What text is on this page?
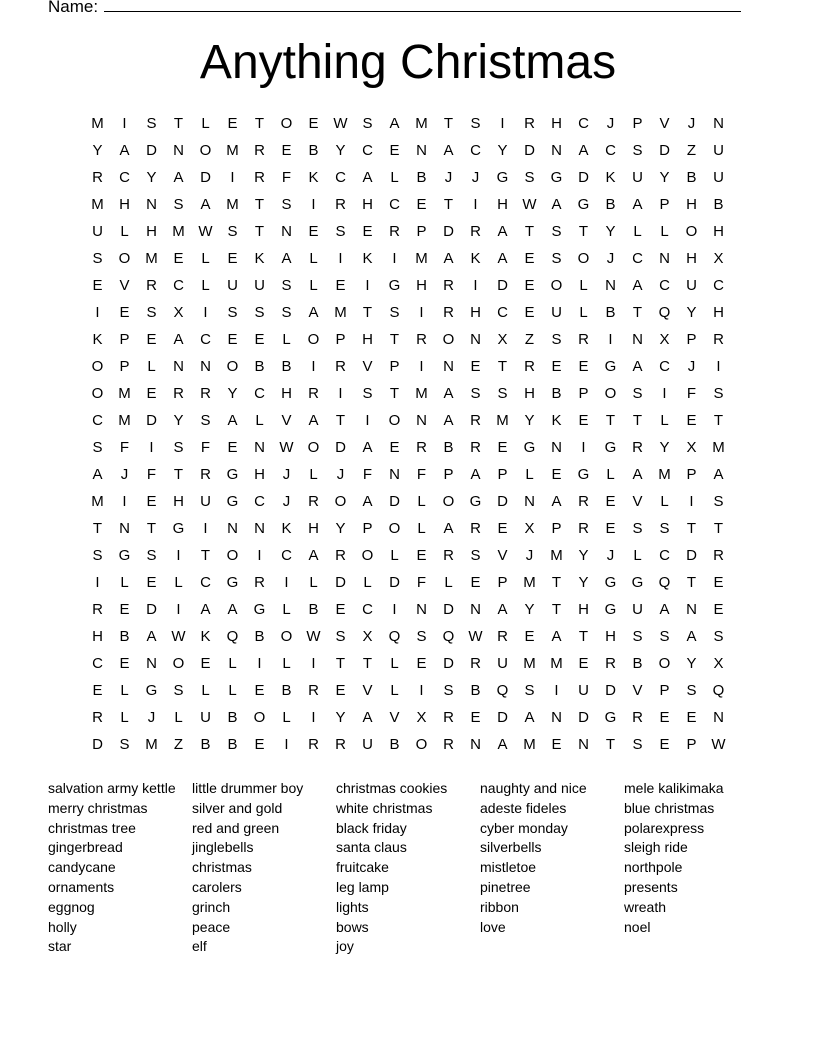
Name:
Anything Christmas
M	I	S	T	L	E	T	O	E W S	A	M	T	S	I	R	H	C	J	P	V	J	N
Y	A	D	N	O M	R	E	B	Y	C	E	N	A	C	Y	D	N	A	C	S	D	Z	U
R	C	Y	A	D	I	R	F	K	C	A	L	B	J	J	G	S	G	D	K	U	Y	B	U
M	H	N	S	A	M	T	S	I	R	H	C	E	T	I	H W A	G	B	A	P	H	B
U	L	H	M W S	T	N	E	S	E	R	P	D	R	A	T	S	T	Y	L	L	O	H
S	O M	E	L	E	K	A	L	I	K	I	M	A	K	A	E	S	O	J	C	N	H	X
E	V	R	C	L	U	U	S	L	E	I	G	H	R	I	D	E	O	L	N	A	C	U	C
I	E	S	X	I	S	S	S	A	M	T	S	I	R	H	C	E	U	L	B	T	Q	Y	H
K	P	E	A	C	E	E	L	O	P	H	T	R	O	N	X	Z	S	R	I	N	X	P	R
O	P	L	N	N	O	B	B	I	R	V	P	I	N	E	T	R	E	E	G	A	C	J	I
O M	E	R	R	Y	C	H	R	I	S	T	M	A	S	S	H	B	P	O	S	I	F	S
C	M	D	Y	S	A	L	V	A	T	I	O	N	A	R	M	Y	K	E	T	T	L	E	T
S	F	I	S	F	E	N W O	D	A	E	R	B	R	E	G	N	I	G	R	Y	X	M
A	J	F	T	R	G	H	J	L	J	F	N	F	P	A	P	L	E	G	L	A	M	P	A
M	I	E	H	U	G	C	J	R	O	A	D	L	O	G	D	N	A	R	E	V	L	I	S
T	N	T	G	I	N	N	K	H	Y	P	O	L	A	R	E	X	P	R	E	S	S	T	T
S	G	S	I	T	O	I	C	A	R	O	L	E	R	S	V	J	M	Y	J	L	C	D	R
I	L	E	L	C	G	R	I	L	D	L	D	F	L	E	P	M	T	Y	G	G	Q	T	E
R	E	D	I	A	A	G	L	B	E	C	I	N	D	N	A	Y	T	H	G	U	A	N	E
H	B	A W K	Q	B	O W S	X	Q	S	Q W R	E	A	T	H	S	S	A	S
C	E	N	O	E	L	I	L	I	T	T	L	E	D	R	U	M M	E	R	B	O	Y	X
E	L	G	S	L	L	E	B	R	E	V	L	I	S	B	Q	S	I	U	D	V	P	S	Q
R	L	J	L	U	B	O	L	I	Y	A	V	X	R	E	D	A	N	D	G	R	E	E	N
D	S	M	Z	B	B	E	I	R	R	U	B	O	R	N	A	M	E	N	T	S	E	P W
salvation army kettle
merry christmas
christmas tree
gingerbread
candycane
ornaments
eggnog
holly
star
little drummer boy
silver and gold
red and green
jinglebells
christmas
carolers
grinch
peace
elf
christmas cookies
white christmas
black friday
santa claus
fruitcake
leg lamp
lights
bows
joy
naughty and nice
adeste fideles
cyber monday
silverbells
mistletoe
pinetree
ribbon
love
mele kalikimaka
blue christmas
polarexpress
sleigh ride
northpole
presents
wreath
noel
